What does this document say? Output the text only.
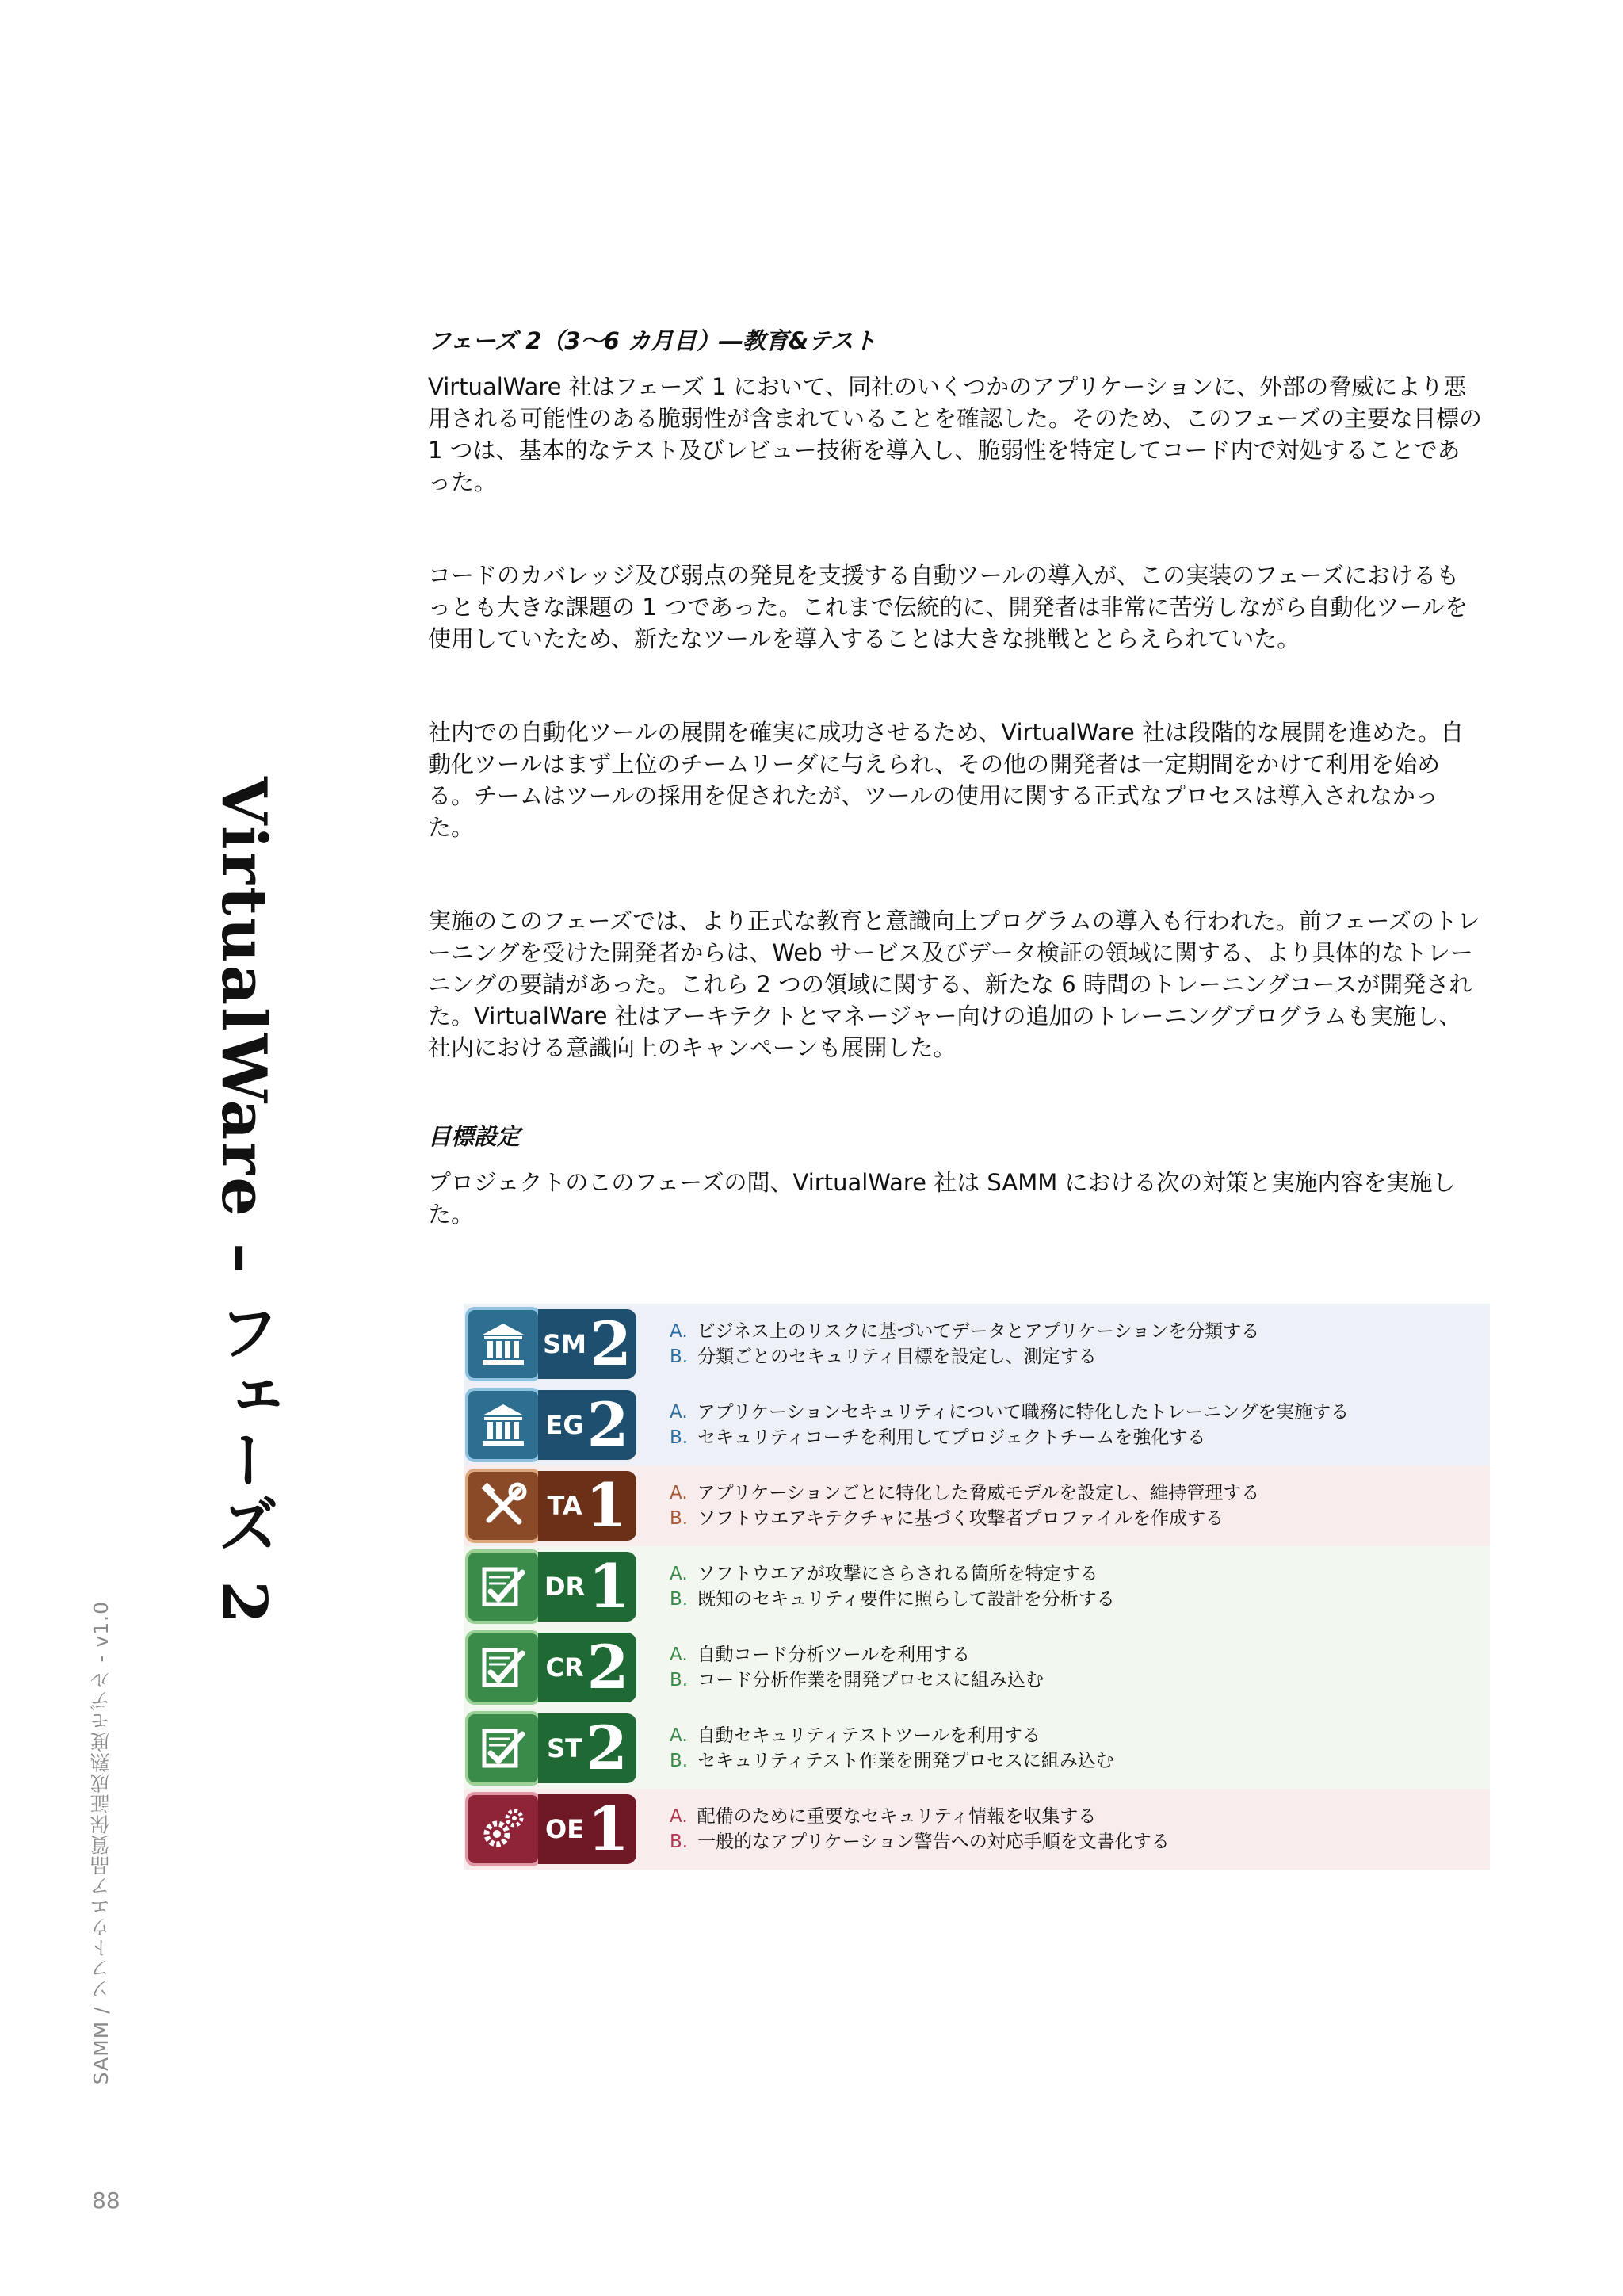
VirtualWare – フェーズ 2

フェーズ 2（3〜6 カ月目）―教育&テスト

VirtualWare 社はフェーズ 1 において、同社のいくつかのアプリケーションに、外部の脅威により悪用される可能性のある脆弱性が含まれていることを確認した。そのため、このフェーズの主要な目標の 1 つは、基本的なテスト及びレビュー技術を導入し、脆弱性を特定してコード内で対処することであった。

コードのカバレッジ及び弱点の発見を支援する自動ツールの導入が、この実装のフェーズにおけるもっとも大きな課題の 1 つであった。これまで伝統的に、開発者は非常に苦労しながら自動化ツールを使用していたため、新たなツールを導入することは大きな挑戦ととらえられていた。

社内での自動化ツールの展開を確実に成功させるため、VirtualWare 社は段階的な展開を進めた。自動化ツールはまず上位のチームリーダに与えられ、その他の開発者は一定期間をかけて利用を始める。チームはツールの採用を促されたが、ツールの使用に関する正式なプロセスは導入されなかった。

実施のこのフェーズでは、より正式な教育と意識向上プログラムの導入も行われた。前フェーズのトレーニングを受けた開発者からは、Web サービス及びデータ検証の領域に関する、より具体的なトレーニングの要請があった。これら 2 つの領域に関する、新たな 6 時間のトレーニングコースが開発された。VirtualWare 社はアーキテクトとマネージャー向けの追加のトレーニングプログラムも実施し、社内における意識向上のキャンペーンも展開した。

目標設定

プロジェクトのこのフェーズの間、VirtualWare 社は SAMM における次の対策と実施内容を実施した。

SM 2 A. ビジネス上のリスクに基づいてデータとアプリケーションを分類する
B. 分類ごとのセキュリティ目標を設定し、測定する
EG 2 A. アプリケーションセキュリティについて職務に特化したトレーニングを実施する
B. セキュリティコーチを利用してプロジェクトチームを強化する
TA 1 A. アプリケーションごとに特化した脅威モデルを設定し、維持管理する
B. ソフトウエアキテクチャに基づく攻撃者プロファイルを作成する
DR 1 A. ソフトウエアが攻撃にさらされる箇所を特定する
B. 既知のセキュリティ要件に照らして設計を分析する
CR 2 A. 自動コード分析ツールを利用する
B. コード分析作業を開発プロセスに組み込む
ST 2 A. 自動セキュリティテストツールを利用する
B. セキュリティテスト作業を開発プロセスに組み込む
OE 1 A. 配備のために重要なセキュリティ情報を収集する
B. 一般的なアプリケーション警告への対応手順を文書化する
SAMM / ソフトウエア品質保証成熟度モデル - v1.0
88
